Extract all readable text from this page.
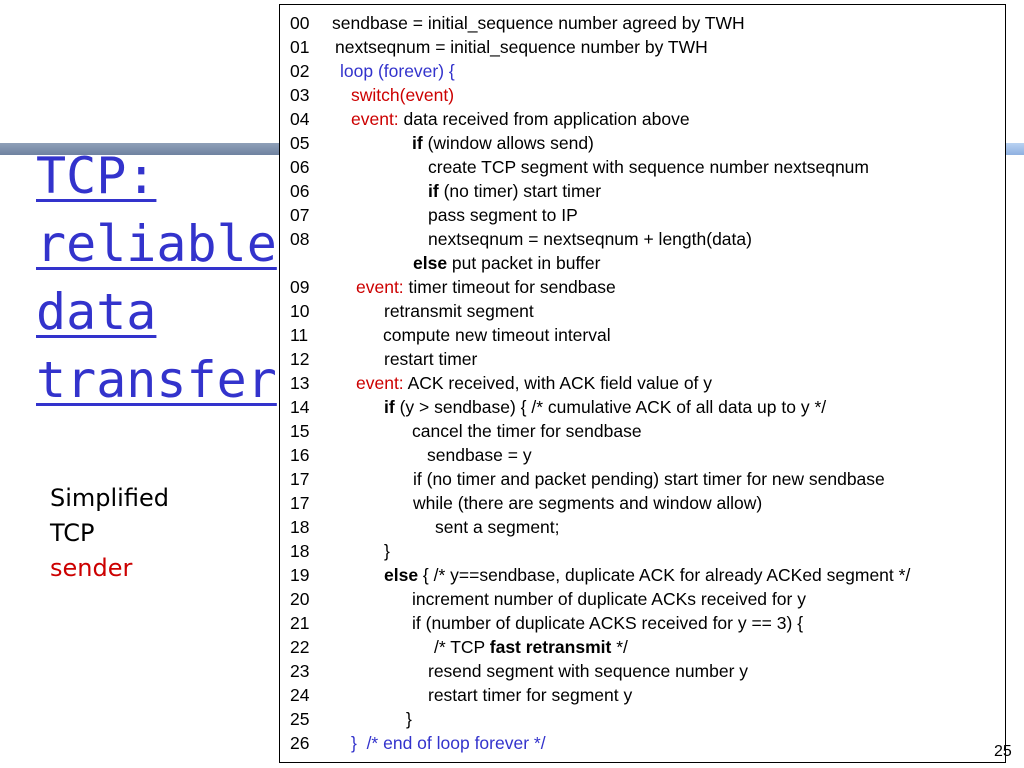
TCP:
reliable
data
transfer
Simplified
TCP
sender
00	sendbase = initial_sequence number agreed by TWH
01	nextseqnum = initial_sequence number by TWH
02	loop (forever) {
03	switch(event)
04	event: data received from application above
05	if (window allows send)
06	create TCP segment with sequence number nextseqnum
06	if (no timer) start timer
07	pass segment to IP
08	nextseqnum = nextseqnum + length(data)
else put packet in buffer
09	event: timer timeout for sendbase
10	retransmit segment
11	compute new timeout interval
12	restart timer
13	event: ACK received, with ACK field value of y
14	if (y > sendbase) { /* cumulative ACK of all data up to y */
15	cancel the timer for sendbase
16	sendbase = y
17	if (no timer and packet pending) start timer for new sendbase
17	while (there are segments and window allow)
18	sent a segment;
18	}
19	else { /* y==sendbase, duplicate ACK for already ACKed segment */
20	increment number of duplicate ACKs received for y
21	if (number of duplicate ACKS received for y == 3) {
22	/* TCP fast retransmit */
23	resend segment with sequence number y
24	restart timer for segment y
25	}
26	}  /* end of loop forever */	25
